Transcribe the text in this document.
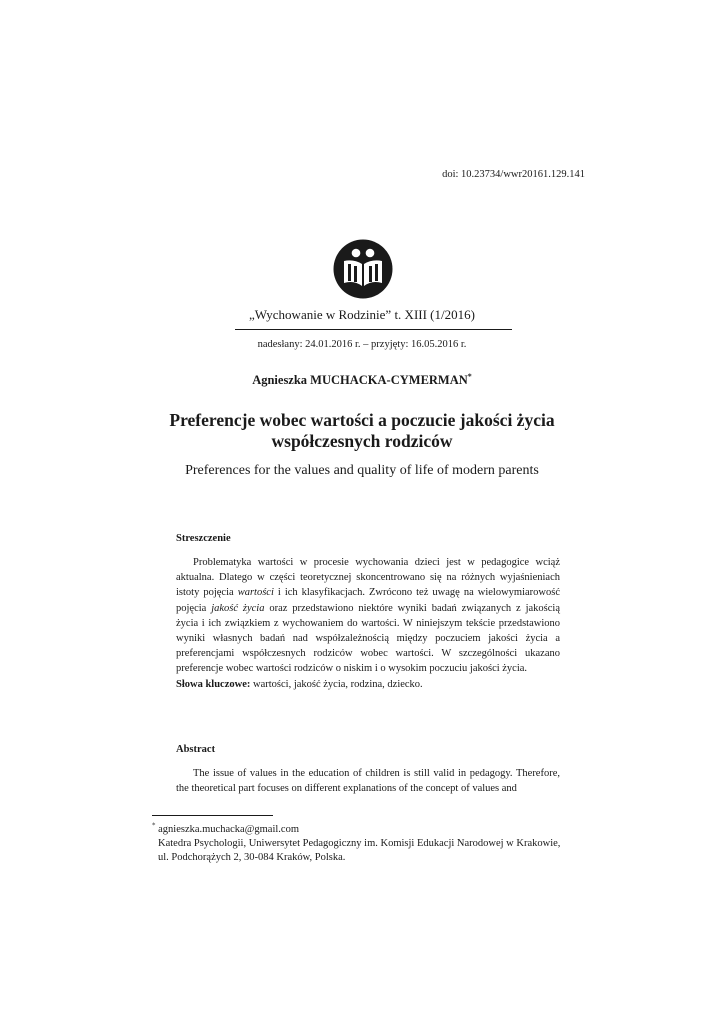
doi: 10.23734/wwr20161.129.141
„Wychowanie w Rodzinie” t. XIII (1/2016)
nadesłany: 24.01.2016 r. – przyjęty: 16.05.2016 r.
Agnieszka MUCHACKA-CYMERMAN*
Preferencje wobec wartości a poczucie jakości życia
współczesnych rodziców
Preferences for the values and quality of life of modern parents
Streszczenie

Problematyka wartości w procesie wychowania dzieci jest w pedagogice wciąż aktualna. Dlatego w części teoretycznej skoncentrowano się na różnych wyjaśnieniach istoty pojęcia wartości i ich klasyfikacjach. Zwrócono też uwagę na wielowymiarowość pojęcia jakość życia oraz przedstawiono niektóre wyniki badań związanych z jakością życia i ich związkiem z wychowaniem do wartości. W niniejszym tekście przedstawiono wyniki własnych badań nad współzależnością między poczuciem jakości życia a preferencjami współczesnych rodziców wobec wartości. W szczególności ukazano preferencje wobec wartości rodziców o niskim i o wysokim poczuciu jakości życia.

Słowa kluczowe: wartości, jakość życia, rodzina, dziecko.

Abstract

The issue of values in the education of children is still valid in pedagogy. Therefore, the theoretical part focuses on different explanations of the concept of values and

* agnieszka.muchacka@gmail.com
Katedra Psychologii, Uniwersytet Pedagogiczny im. Komisji Edukacji Narodowej w Krakowie,
ul. Podchorążych 2, 30-084 Kraków, Polska.
